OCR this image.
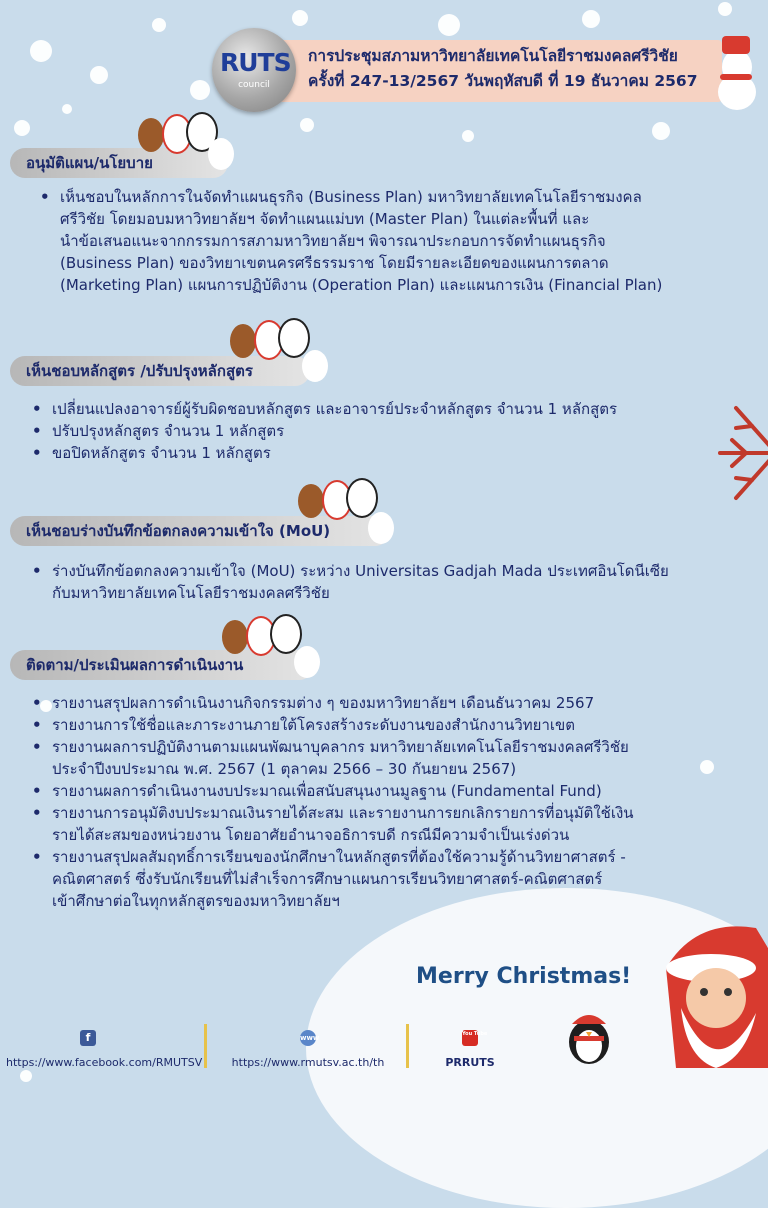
RUTS
council
การประชุมสภามหาวิทยาลัยเทคโนโลยีราชมงคลศรีวิชัย
ครั้งที่ 247-13/2567 วันพฤหัสบดี ที่ 19 ธันวาคม 2567
อนุมัติแผน/นโยบาย
• เห็นชอบในหลักการในจัดทำแผนธุรกิจ (Business Plan) มหาวิทยาลัยเทคโนโลยีราชมงคล
ศรีวิชัย โดยมอบมหาวิทยาลัยฯ จัดทำแผนแม่บท (Master Plan) ในแต่ละพื้นที่ และ
นำข้อเสนอแนะจากกรรมการสภามหาวิทยาลัยฯ พิจารณาประกอบการจัดทำแผนธุรกิจ
(Business Plan) ของวิทยาเขตนครศรีธรรมราช โดยมีรายละเอียดของแผนการตลาด
(Marketing Plan) แผนการปฏิบัติงาน (Operation Plan) และแผนการเงิน (Financial Plan)
เห็นชอบหลักสูตร /ปรับปรุงหลักสูตร
• เปลี่ยนแปลงอาจารย์ผู้รับผิดชอบหลักสูตร และอาจารย์ประจำหลักสูตร จำนวน 1 หลักสูตร
• ปรับปรุงหลักสูตร จำนวน 1 หลักสูตร
• ขอปิดหลักสูตร จำนวน 1 หลักสูตร
เห็นชอบร่างบันทึกข้อตกลงความเข้าใจ (MoU)
• ร่างบันทึกข้อตกลงความเข้าใจ (MoU) ระหว่าง Universitas Gadjah Mada ประเทศอินโดนีเซีย
กับมหาวิทยาลัยเทคโนโลยีราชมงคลศรีวิชัย
ติดตาม/ประเมินผลการดำเนินงาน
• รายงานสรุปผลการดำเนินงานกิจกรรมต่าง ๆ ของมหาวิทยาลัยฯ เดือนธันวาคม 2567
• รายงานการใช้ชื่อและภาระงานภายใต้โครงสร้างระดับงานของสำนักงานวิทยาเขต
• รายงานผลการปฏิบัติงานตามแผนพัฒนาบุคลากร มหาวิทยาลัยเทคโนโลยีราชมงคลศรีวิชัย
ประจำปีงบประมาณ พ.ศ. 2567 (1 ตุลาคม 2566 – 30 กันยายน 2567)
• รายงานผลการดำเนินงานงบประมาณเพื่อสนับสนุนงานมูลฐาน (Fundamental Fund)
• รายงานการอนุมัติงบประมาณเงินรายได้สะสม และรายงานการยกเลิกรายการที่อนุมัติใช้เงิน
รายได้สะสมของหน่วยงาน โดยอาศัยอำนาจอธิการบดี กรณีมีความจำเป็นเร่งด่วน
• รายงานสรุปผลสัมฤทธิ์การเรียนของนักศึกษาในหลักสูตรที่ต้องใช้ความรู้ด้านวิทยาศาสตร์ -
คณิตศาสตร์ ซึ่งรับนักเรียนที่ไม่สำเร็จการศึกษาแผนการเรียนวิทยาศาสตร์-คณิตศาสตร์
เข้าศึกษาต่อในทุกหลักสูตรของมหาวิทยาลัยฯ
Merry Christmas!
f
https://www.facebook.com/RMUTSV
www
https://www.rmutsv.ac.th/th
You Tube
PRRUTS
